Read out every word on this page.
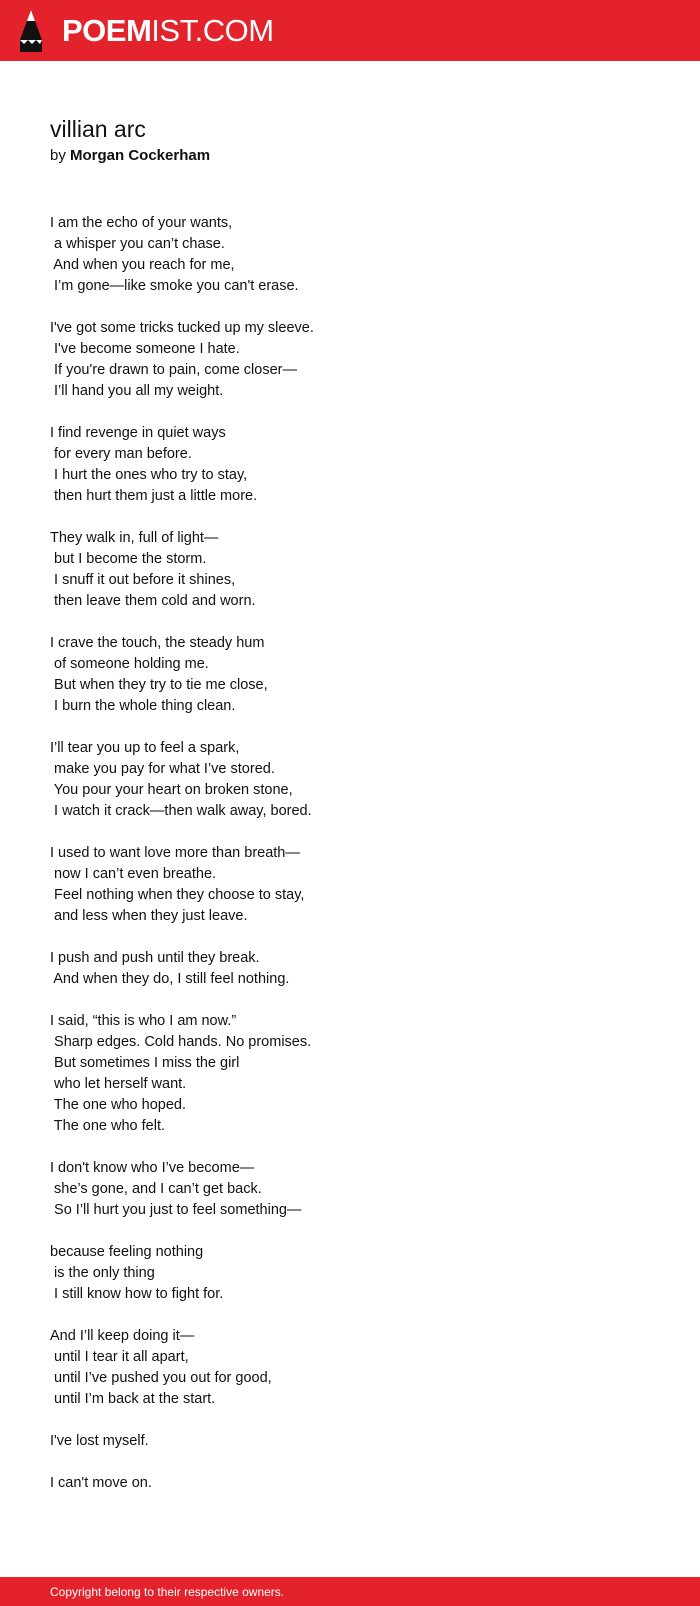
POEMIST.COM
villian arc
by Morgan Cockerham
I am the echo of your wants,
a whisper you can’t chase.
And when you reach for me,
I’m gone—like smoke you can't erase.
I've got some tricks tucked up my sleeve.
I've become someone I hate.
If you're drawn to pain, come closer—
I’ll hand you all my weight.
I find revenge in quiet ways
for every man before.
I hurt the ones who try to stay,
then hurt them just a little more.
They walk in, full of light—
but I become the storm.
I snuff it out before it shines,
then leave them cold and worn.
I crave the touch, the steady hum
of someone holding me.
But when they try to tie me close,
I burn the whole thing clean.
I’ll tear you up to feel a spark,
make you pay for what I’ve stored.
You pour your heart on broken stone,
I watch it crack—then walk away, bored.
I used to want love more than breath—
now I can’t even breathe.
Feel nothing when they choose to stay,
and less when they just leave.
I push and push until they break.
And when they do, I still feel nothing.
I said, “this is who I am now.”
Sharp edges. Cold hands. No promises.
But sometimes I miss the girl
who let herself want.
The one who hoped.
The one who felt.
I don't know who I’ve become—
she’s gone, and I can’t get back.
So I’ll hurt you just to feel something—
because feeling nothing
is the only thing
I still know how to fight for.
And I’ll keep doing it—
until I tear it all apart,
until I’ve pushed you out for good,
until I’m back at the start.
I've lost myself.
I can't move on.
Copyright belong to their respective owners.
